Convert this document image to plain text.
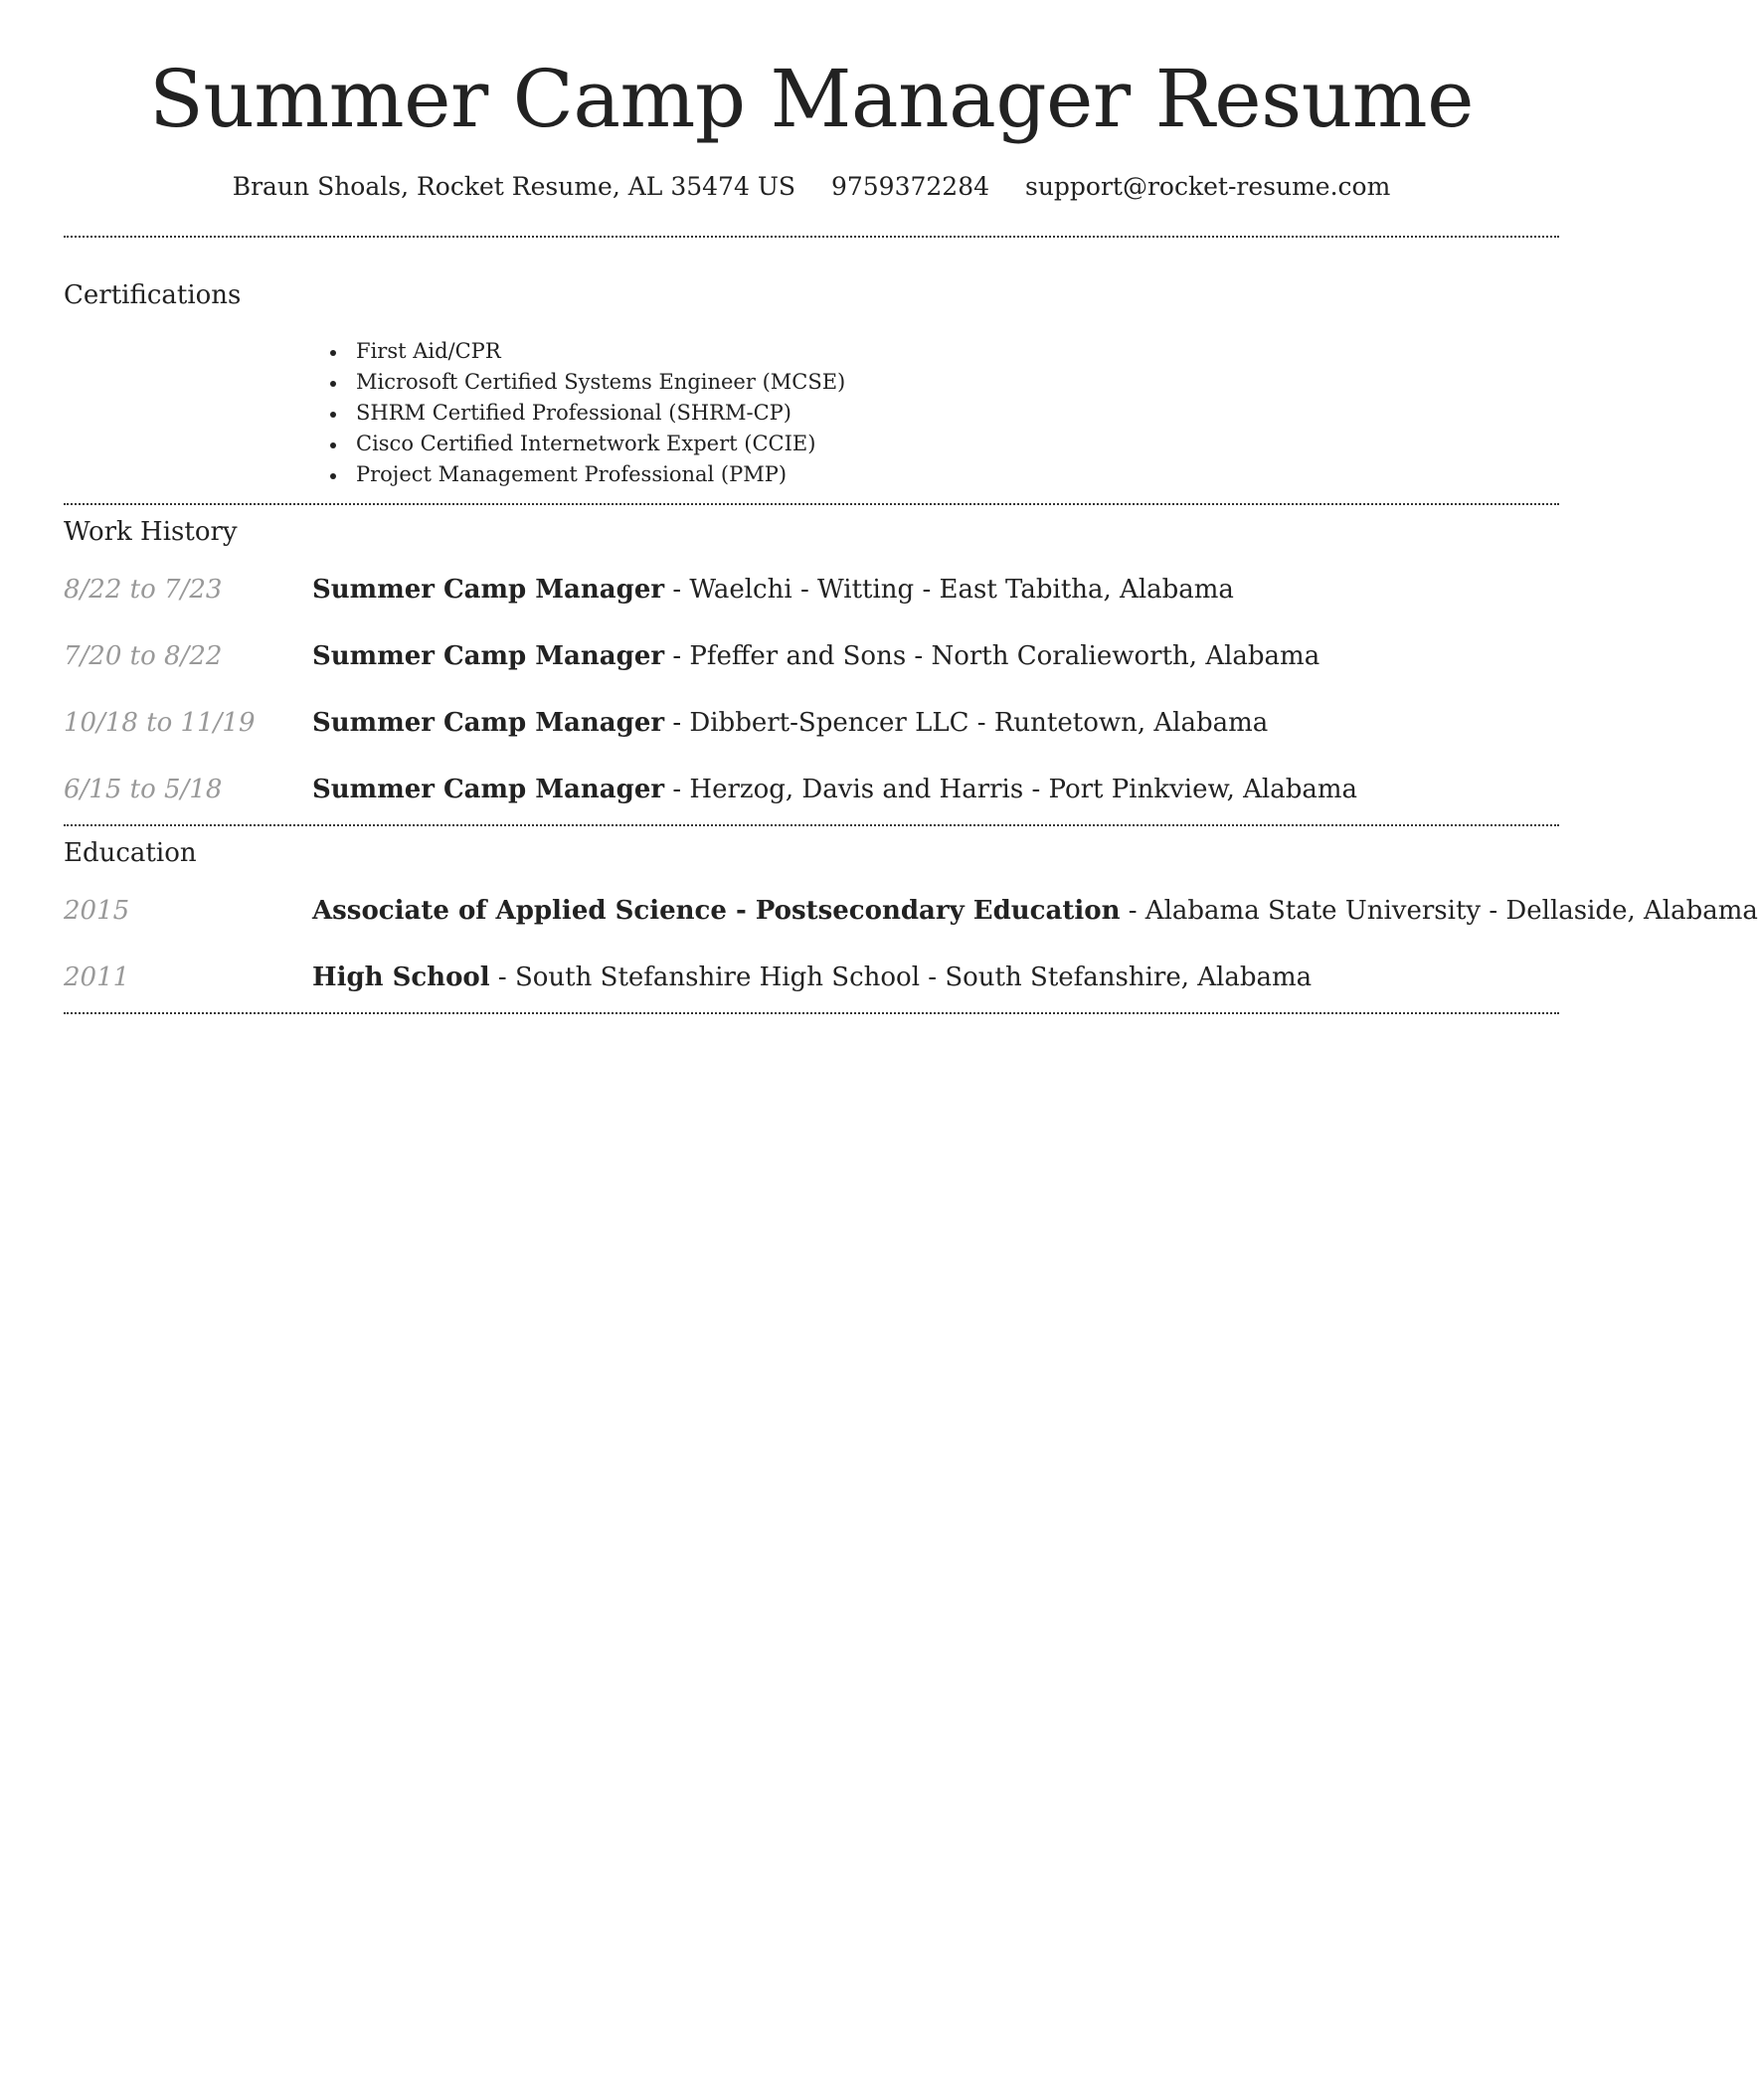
Summer Camp Manager Resume
Braun Shoals, Rocket Resume, AL 35474 US 9759372284 support@rocket-resume.com
Certifications
First Aid/CPR
Microsoft Certified Systems Engineer (MCSE)
SHRM Certified Professional (SHRM-CP)
Cisco Certified Internetwork Expert (CCIE)
Project Management Professional (PMP)
Work History
8/22 to 7/23	Summer Camp Manager - Waelchi - Witting - East Tabitha, Alabama
7/20 to 8/22	Summer Camp Manager - Pfeffer and Sons - North Coralieworth, Alabama
10/18 to 11/19 Summer Camp Manager - Dibbert-Spencer LLC - Runtetown, Alabama
6/15 to 5/18	Summer Camp Manager - Herzog, Davis and Harris - Port Pinkview, Alabama
Education
2015	Associate of Applied Science - Postsecondary Education - Alabama State University - Dellaside, Alabama
2011	High School - South Stefanshire High School - South Stefanshire, Alabama
